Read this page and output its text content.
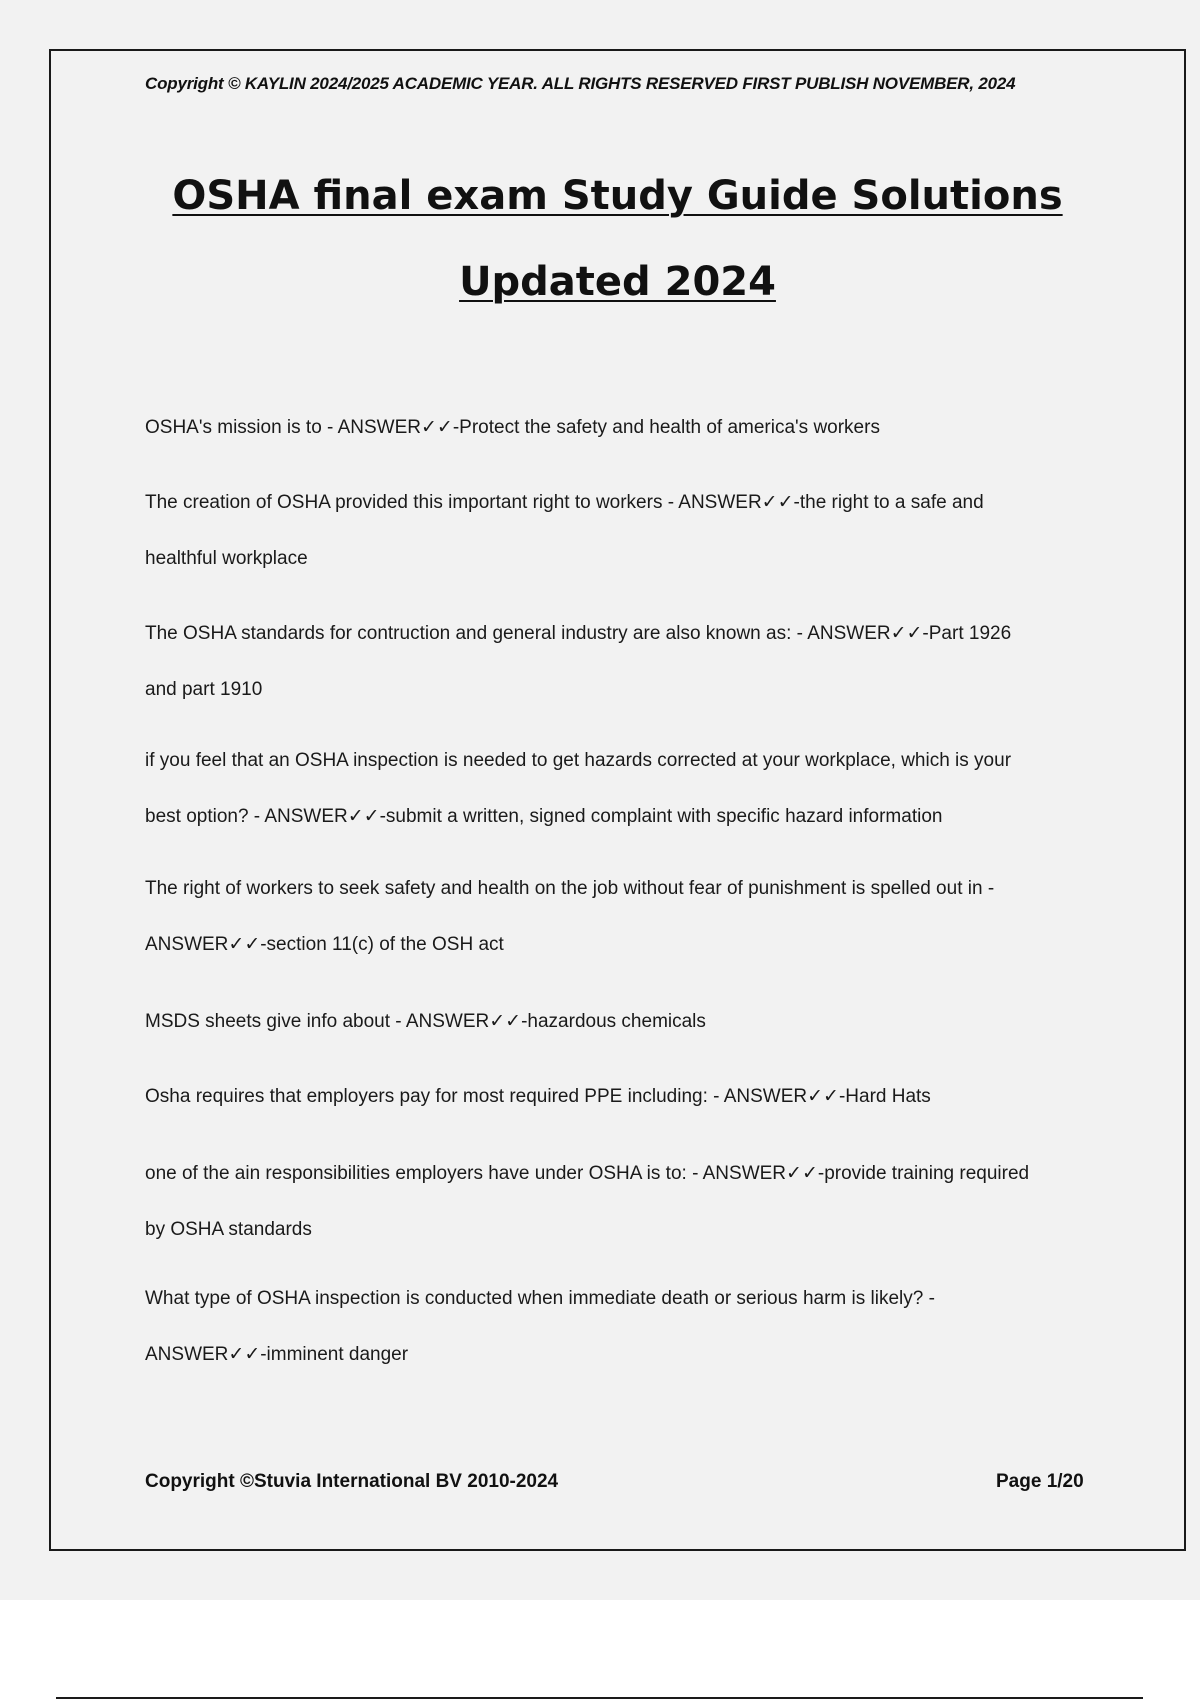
Copyright © KAYLIN 2024/2025 ACADEMIC YEAR. ALL RIGHTS RESERVED FIRST PUBLISH NOVEMBER, 2024
OSHA final exam Study Guide Solutions
Updated 2024
OSHA's mission is to - ANSWER✓✓-Protect the safety and health of america's workers
The creation of OSHA provided this important right to workers - ANSWER✓✓-the right to a safe and
healthful workplace
The OSHA standards for contruction and general industry are also known as: - ANSWER✓✓-Part 1926
and part 1910
if you feel that an OSHA inspection is needed to get hazards corrected at your workplace, which is your
best option? - ANSWER✓✓-submit a written, signed complaint with specific hazard information
The right of workers to seek safety and health on the job without fear of punishment is spelled out in -
ANSWER✓✓-section 11(c) of the OSH act
MSDS sheets give info about - ANSWER✓✓-hazardous chemicals
Osha requires that employers pay for most required PPE including: - ANSWER✓✓-Hard Hats
one of the ain responsibilities employers have under OSHA is to: - ANSWER✓✓-provide training required
by OSHA standards
What type of OSHA inspection is conducted when immediate death or serious harm is likely? -
ANSWER✓✓-imminent danger
Copyright ©Stuvia International BV 2010-2024	Page 1/20
